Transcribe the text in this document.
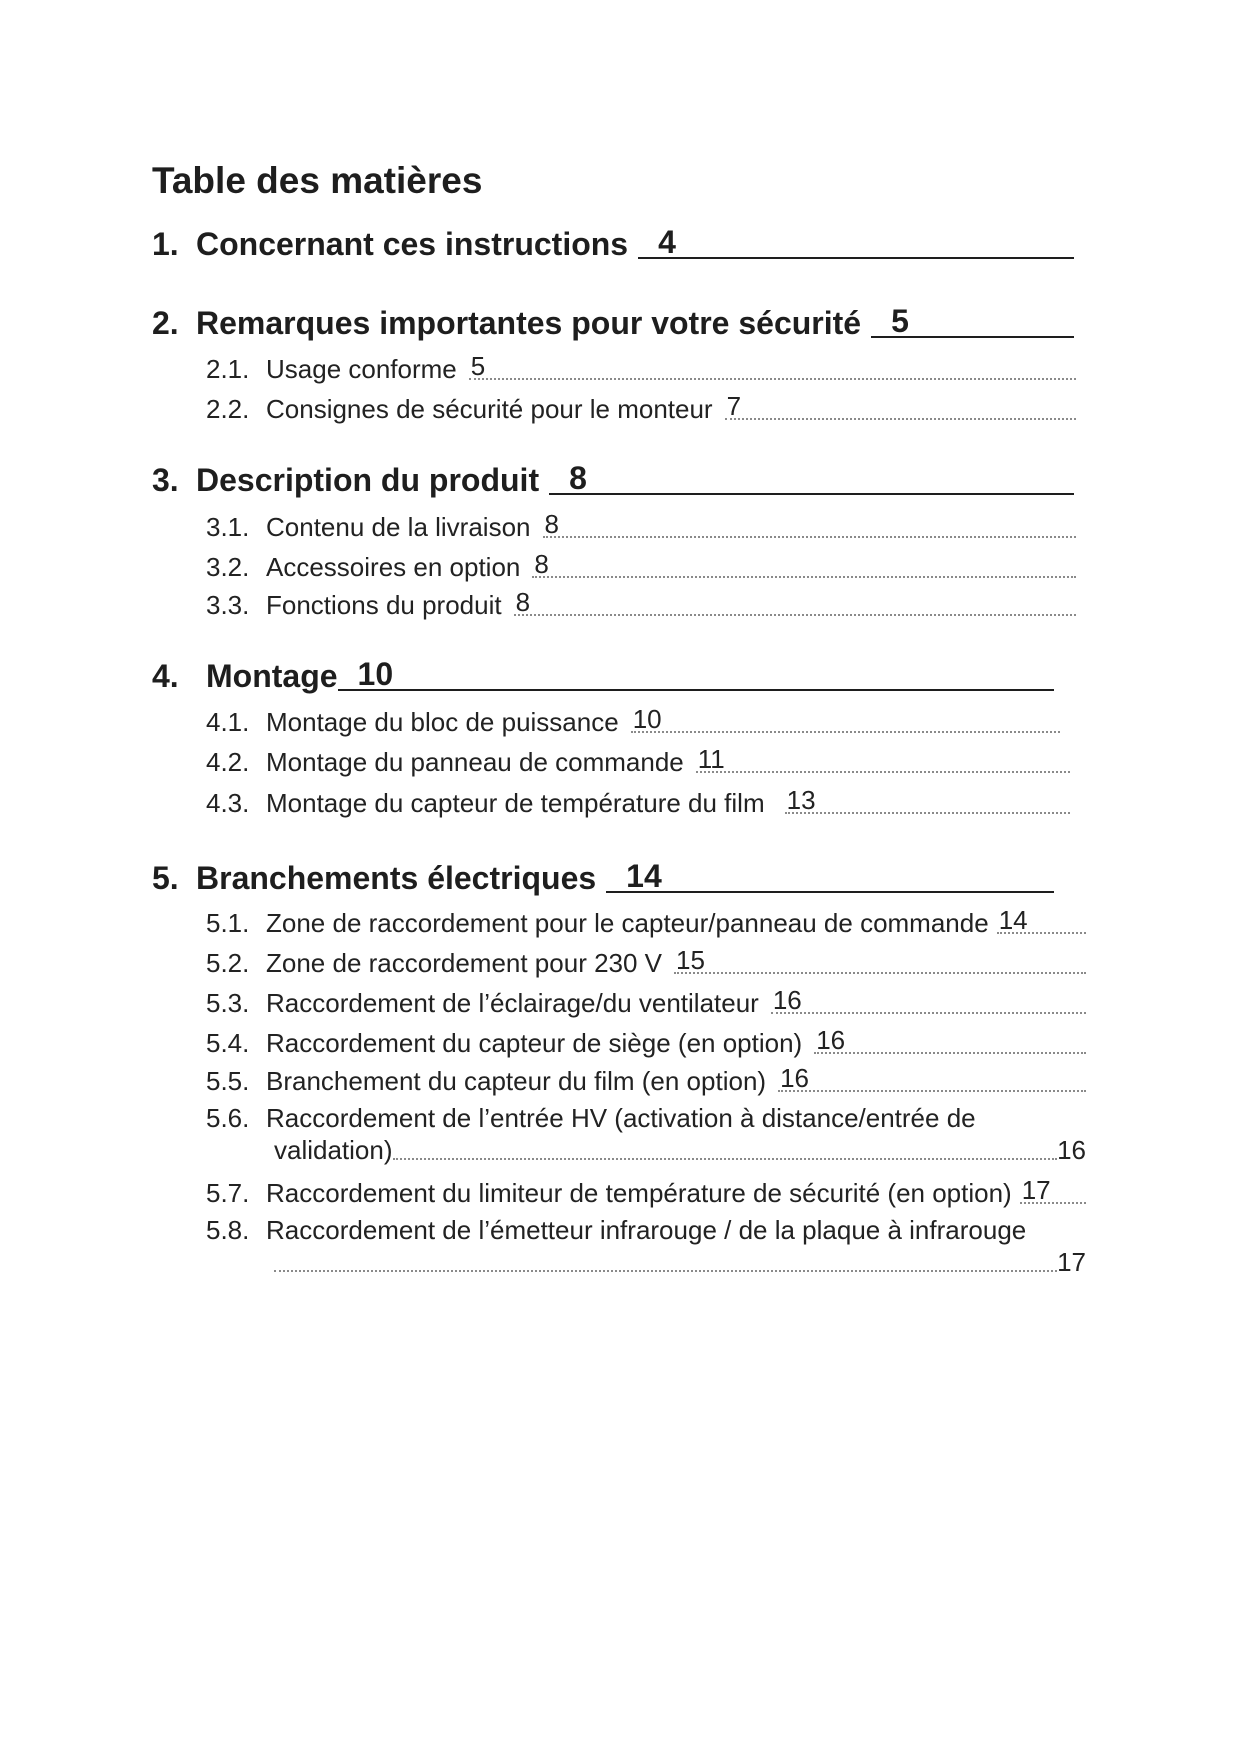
Table des matières
1. Concernant ces instructions 4
2. Remarques importantes pour votre sécurité 5
2.1. Usage conforme 5
2.2. Consignes de sécurité pour le monteur 7
3. Description du produit 8
3.1. Contenu de la livraison 8
3.2. Accessoires en option 8
3.3. Fonctions du produit 8
4. Montage 10
4.1. Montage du bloc de puissance 10
4.2. Montage du panneau de commande 11
4.3. Montage du capteur de température du film 13
5. Branchements électriques 14
5.1. Zone de raccordement pour le capteur/panneau de commande 14
5.2. Zone de raccordement pour 230 V 15
5.3. Raccordement de l’éclairage/du ventilateur 16
5.4. Raccordement du capteur de siège (en option) 16
5.5. Branchement du capteur du film (en option) 16
5.6. Raccordement de l’entrée HV (activation à distance/entrée de
validation)	16
5.7. Raccordement du limiteur de température de sécurité (en option) 17
5.8. Raccordement de l’émetteur infrarouge / de la plaque à infrarouge
17
